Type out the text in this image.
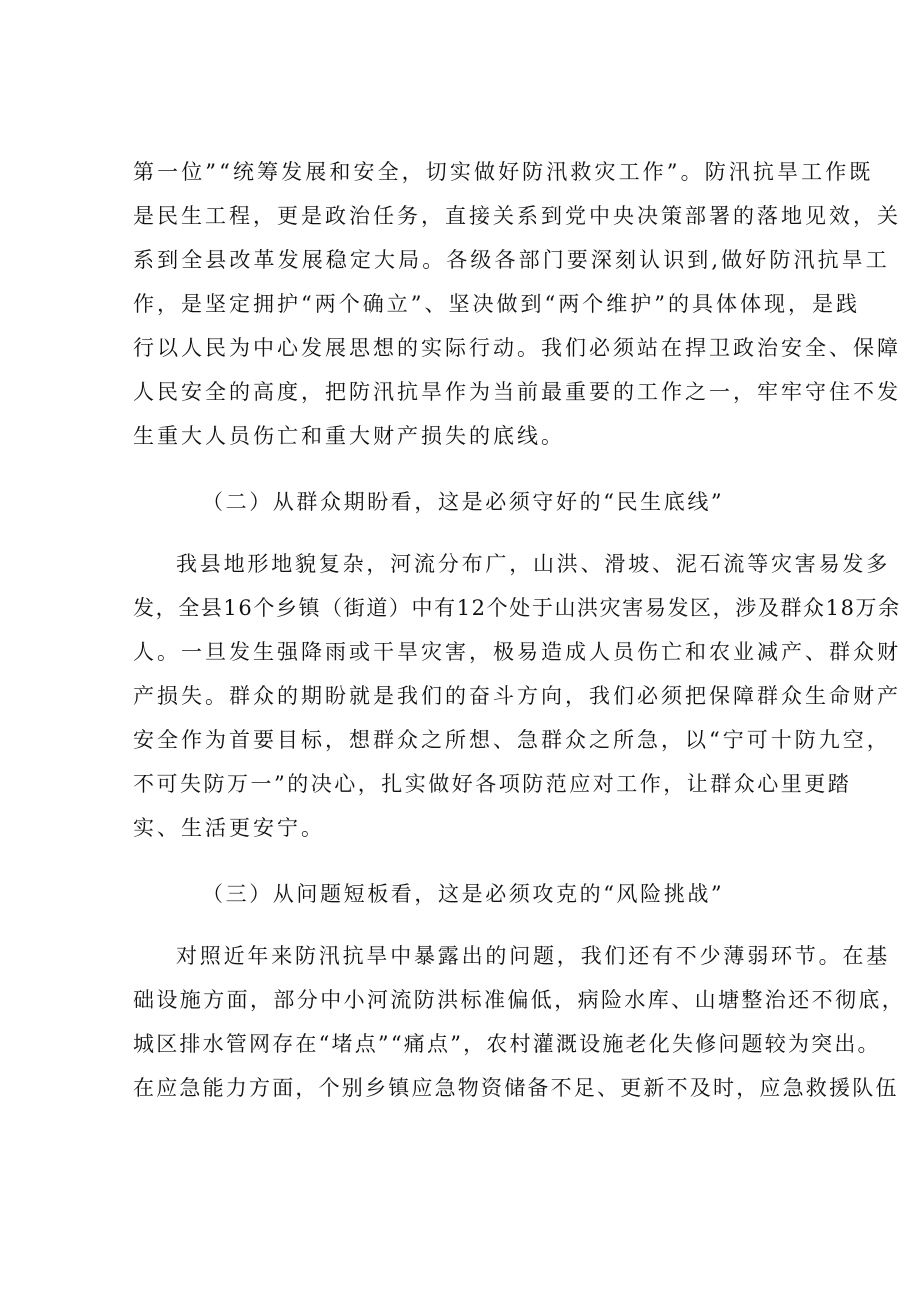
第一位”“统筹发展和安全，切实做好防汛救灾工作”。防汛抗旱工作既
是民生工程，更是政治任务，直接关系到党中央决策部署的落地见效，关
系到全县改革发展稳定大局。各级各部门要深刻认识到,做好防汛抗旱工
作，是坚定拥护“两个确立”、坚决做到“两个维护”的具体体现，是践
行以人民为中心发展思想的实际行动。我们必须站在捍卫政治安全、保障
人民安全的高度，把防汛抗旱作为当前最重要的工作之一，牢牢守住不发
生重大人员伤亡和重大财产损失的底线。
（二）从群众期盼看，这是必须守好的“民生底线”
我县地形地貌复杂，河流分布广，山洪、滑坡、泥石流等灾害易发多
发，全县16个乡镇（街道）中有12个处于山洪灾害易发区，涉及群众18万余
人。一旦发生强降雨或干旱灾害，极易造成人员伤亡和农业减产、群众财
产损失。群众的期盼就是我们的奋斗方向，我们必须把保障群众生命财产
安全作为首要目标，想群众之所想、急群众之所急，以“宁可十防九空，
不可失防万一”的决心，扎实做好各项防范应对工作，让群众心里更踏
实、生活更安宁。
（三）从问题短板看，这是必须攻克的“风险挑战”
对照近年来防汛抗旱中暴露出的问题，我们还有不少薄弱环节。在基
础设施方面，部分中小河流防洪标准偏低，病险水库、山塘整治还不彻底，
城区排水管网存在“堵点”“痛点”，农村灌溉设施老化失修问题较为突出。
在应急能力方面，个别乡镇应急物资储备不足、更新不及时，应急救援队伍
